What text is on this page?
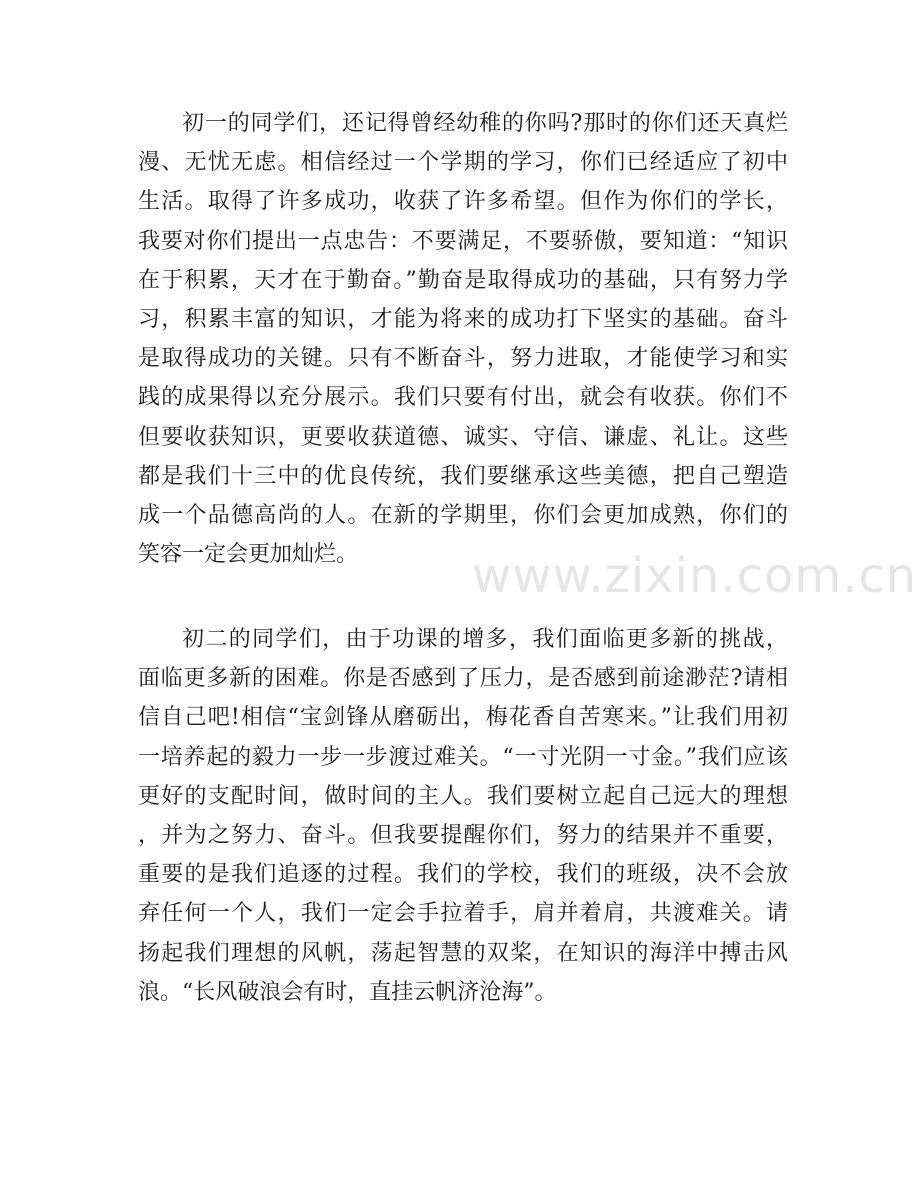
初一的同学们，还记得曾经幼稚的你吗?那时的你们还天真烂
漫、无忧无虑。相信经过一个学期的学习，你们已经适应了初中
生活。取得了许多成功，收获了许多希望。但作为你们的学长，
我要对你们提出一点忠告：不要满足，不要骄傲，要知道：“知识
在于积累，天才在于勤奋。”勤奋是取得成功的基础，只有努力学
习，积累丰富的知识，才能为将来的成功打下坚实的基础。奋斗
是取得成功的关键。只有不断奋斗，努力进取，才能使学习和实
践的成果得以充分展示。我们只要有付出，就会有收获。你们不
但要收获知识，更要收获道德、诚实、守信、谦虚、礼让。这些
都是我们十三中的优良传统，我们要继承这些美德，把自己塑造
成一个品德高尚的人。在新的学期里，你们会更加成熟，你们的
笑容一定会更加灿烂。	www.zixin.com.cn
初二的同学们，由于功课的增多，我们面临更多新的挑战，
面临更多新的困难。你是否感到了压力，是否感到前途渺茫?请相
信自己吧!相信“宝剑锋从磨砺出，梅花香自苦寒来。”让我们用初
一培养起的毅力一步一步渡过难关。“一寸光阴一寸金。”我们应该
更好的支配时间，做时间的主人。我们要树立起自己远大的理想
，并为之努力、奋斗。但我要提醒你们，努力的结果并不重要，
重要的是我们追逐的过程。我们的学校，我们的班级，决不会放
弃任何一个人，我们一定会手拉着手，肩并着肩，共渡难关。请
扬起我们理想的风帆，荡起智慧的双桨，在知识的海洋中搏击风
浪。“长风破浪会有时，直挂云帆济沧海”。
